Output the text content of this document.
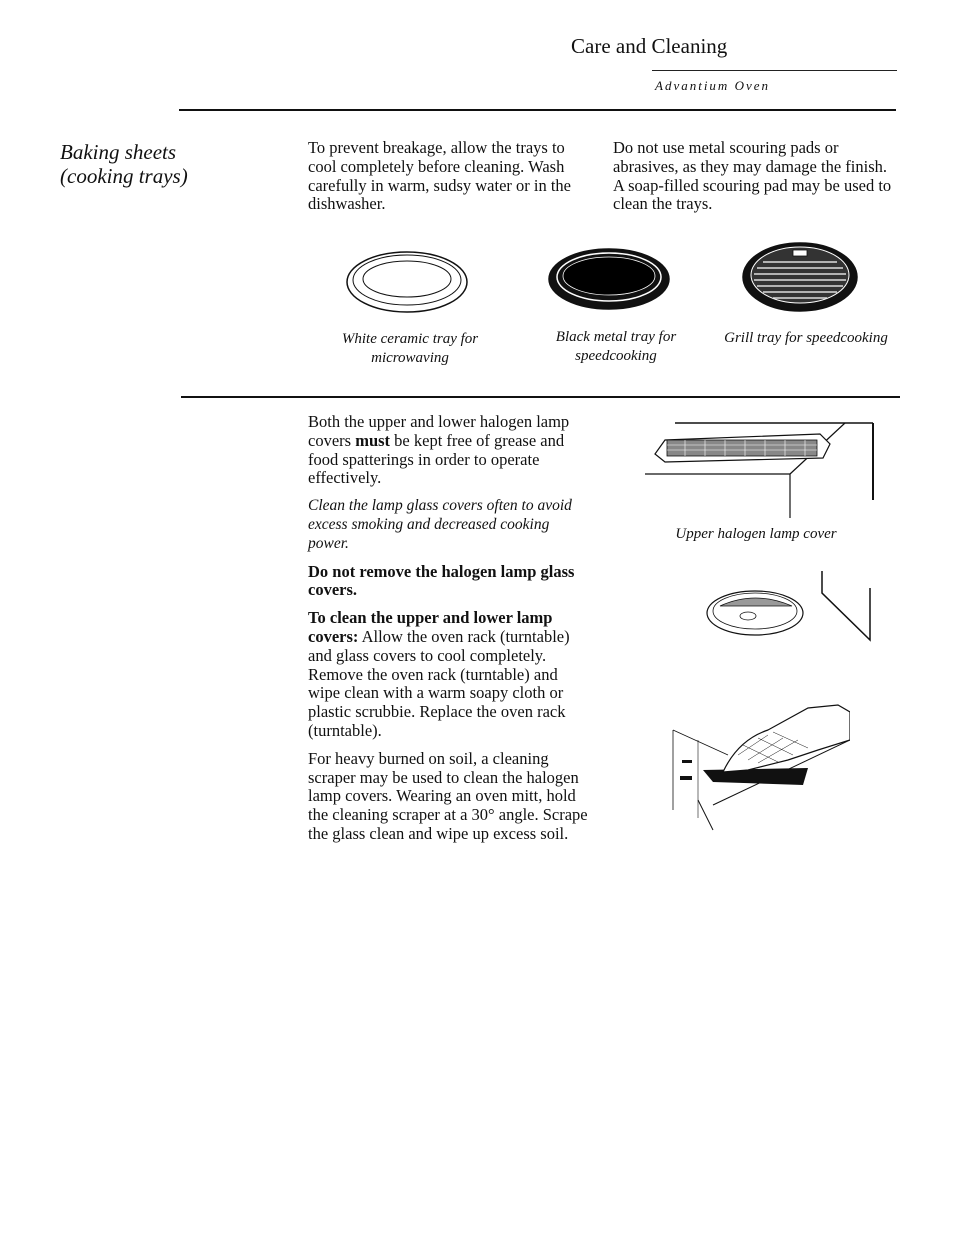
Care and Cleaning
Advantium Oven
Baking sheets
(cooking trays)

To prevent breakage, allow the trays to cool completely before cleaning. Wash carefully in warm, sudsy water or in the dishwasher.

Do not use metal scouring pads or abrasives, as they may damage the finish. A soap-filled scouring pad may be used to clean the trays.

White ceramic tray for
microwaving
Black metal tray for
speedcooking
Grill tray for speedcooking

Both the upper and lower halogen lamp covers must be kept free of grease and food spatterings in order to operate effectively.

Clean the lamp glass covers often to avoid excess smoking and decreased cooking power.

Do not remove the halogen lamp glass covers.

To clean the upper and lower lamp covers: Allow the oven rack (turntable) and glass covers to cool completely. Remove the oven rack (turntable) and wipe clean with a warm soapy cloth or plastic scrubbie. Replace the oven rack (turntable).

For heavy burned on soil, a cleaning scraper may be used to clean the halogen lamp covers. Wearing an oven mitt, hold the cleaning scraper at a 30° angle. Scrape the glass clean and wipe up excess soil.

Upper halogen lamp cover
